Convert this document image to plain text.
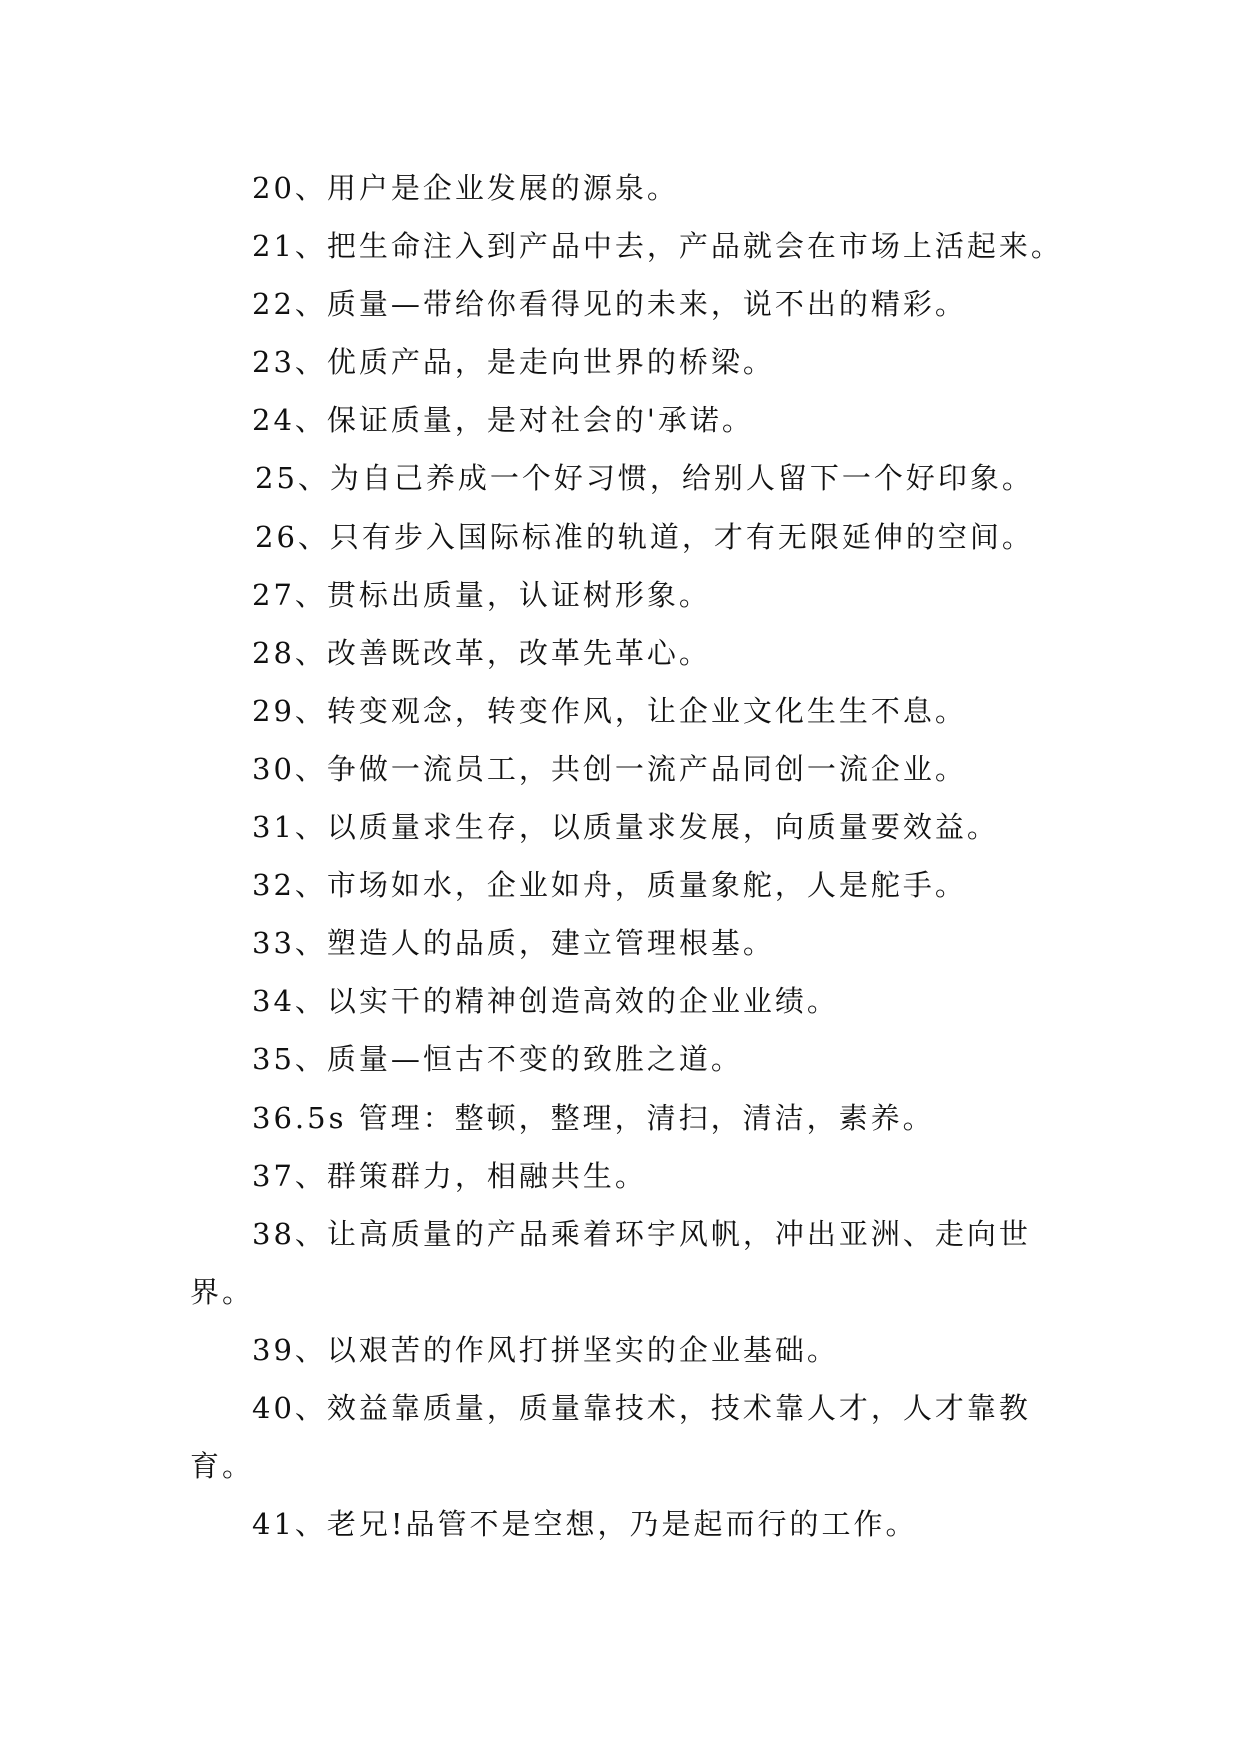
20、用户是企业发展的源泉。
21、把生命注入到产品中去，产品就会在市场上活起来。
22、质量—带给你看得见的未来，说不出的精彩。
23、优质产品，是走向世界的桥梁。
24、保证质量，是对社会的'承诺。
25、为自己养成一个好习惯，给别人留下一个好印象。
26、只有步入国际标准的轨道，才有无限延伸的空间。
27、贯标出质量，认证树形象。
28、改善既改革，改革先革心。
29、转变观念，转变作风，让企业文化生生不息。
30、争做一流员工，共创一流产品同创一流企业。
31、以质量求生存，以质量求发展，向质量要效益。
32、市场如水，企业如舟，质量象舵，人是舵手。
33、塑造人的品质，建立管理根基。
34、以实干的精神创造高效的企业业绩。
35、质量—恒古不变的致胜之道。
36.5s 管理：整顿，整理，清扫，清洁，素养。
37、群策群力，相融共生。
38、让高质量的产品乘着环宇风帆，冲出亚洲、走向世
界。
39、以艰苦的作风打拼坚实的企业基础。
40、效益靠质量，质量靠技术，技术靠人才，人才靠教
育。
41、老兄!品管不是空想，乃是起而行的工作。
